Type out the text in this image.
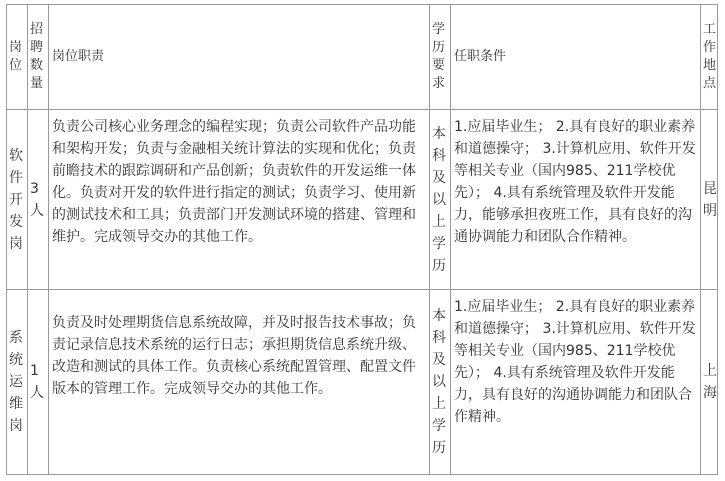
岗位	招聘数量	岗位职责	学历要求	任职条件	工作地点
软件开发岗	3人	负责公司核心业务理念的编程实现；负责公司软件产品功能和架构开发；负责与金融相关统计算法的实现和优化；负责前瞻技术的跟踪调研和产品创新；负责软件的开发运维一体化。负责对开发的软件进行指定的测试；负责学习、使用新的测试技术和工具；负责部门开发测试环境的搭建、管理和维护。完成领导交办的其他工作。	本科及以上学历	1.应届毕业生； 2.具有良好的职业素养和道德操守； 3.计算机应用、软件开发等相关专业（国内985、211学校优先）； 4.具有系统管理及软件开发能力，能够承担夜班工作，具有良好的沟通协调能力和团队合作精神。	昆明
系统运维岗	1人	负责及时处理期货信息系统故障，并及时报告技术事故；负责记录信息技术系统的运行日志；承担期货信息系统升级、改造和测试的具体工作。负责核心系统配置管理、配置文件版本的管理工作。完成领导交办的其他工作。	本科及以上学历	1.应届毕业生； 2.具有良好的职业素养和道德操守； 3.计算机应用、软件开发等相关专业（国内985、211学校优先）； 4.具有系统管理及软件开发能力，具有良好的沟通协调能力和团队合作精神。	上海
